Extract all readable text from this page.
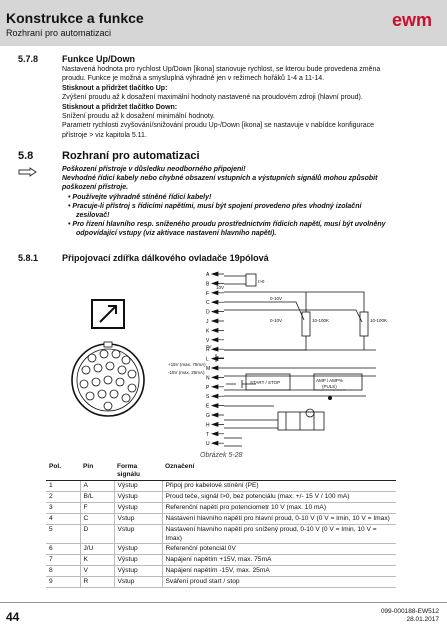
Konstrukce a funkce
Rozhraní pro automatizaci
ewm
5.7.8	Funkce Up/Down
Nastavená hodnota pro rychlost Up/Down [ikona] stanovuje rychlost, se kterou bude provedena změna
proudu. Funkce je možná a smysluplná výhradně jen v režimech hořáků 1-4 a 11-14.
Stisknout a přidržet tlačítko Up:
Zvýšení proudu až k dosažení maximální hodnoty nastavené na proudovém zdroji (hlavní proud).
Stisknout a přidržet tlačítko Down:
Snížení proudu až k dosažení minimální hodnoty.
Parametr rychlosti zvyšování/snižování proudu Up-/Down [ikona] se nastavuje v nabídce konfigurace
přístroje > viz kapitola 5.11.
5.8	Rozhraní pro automatizaci
Poškození přístroje v důsledku neodborného připojení!
Nevhodné řídicí kabely nebo chybné obsazení vstupních a výstupních signálů mohou způsobit
poškození přístroje.
• Používejte výhradně stíněné řídicí kabely!
• Pracuje-li přístroj s řídicími napětími, musí být spojení provedeno přes vhodný izolační
zesilovač!
• Pro řízení hlavního resp. sníženého proudu prostřednictvím řídicích napětí, musí být uvolněny
odpovídající vstupy (viz aktivace nastavení hlavního napětí).
5.8.1	Připojovací zdířka dálkového ovladače 19pólová
A
B
F
C
D
J
K
V
R
L
M
N
P
S
E
G
H
T
U
I>0
10V
0-10V
0-10V	10-100K	10-100K
0V
+15V (max. 75mA)
-15V (max. 25mA)
START / STOP	AMP / AMP%
(PULS)
Obrázek 5-28
Pol.	Pin	Forma signálu	Označení
1	A	Výstup	Připoj pro kabelové stínění (PE)
2	B/L	Výstup	Proud teče, signál I>0, bez potenciálu (max. +/- 15 V / 100 mA)
3	F	Výstup	Referenční napětí pro potenciometr 10 V (max. 10 mA)
4	C	Vstup	Nastavení hlavního napětí pro hlavní proud, 0-10 V (0 V = Imin, 10 V = Imax)
5	D	Vstup	Nastavení hlavního napětí pro snížený proud, 0-10 V (0 V = Imin, 10 V = Imax)
6	J/U	Výstup	Referenční potenciál 0V
7	K	Výstup	Napájení napětím +15V, max. 75mA
8	V	Výstup	Napájení napětím -15V, max. 25mA
9	R	Vstup	Sváření proud start / stop
44	099-000188-EW512
28.01.2017
